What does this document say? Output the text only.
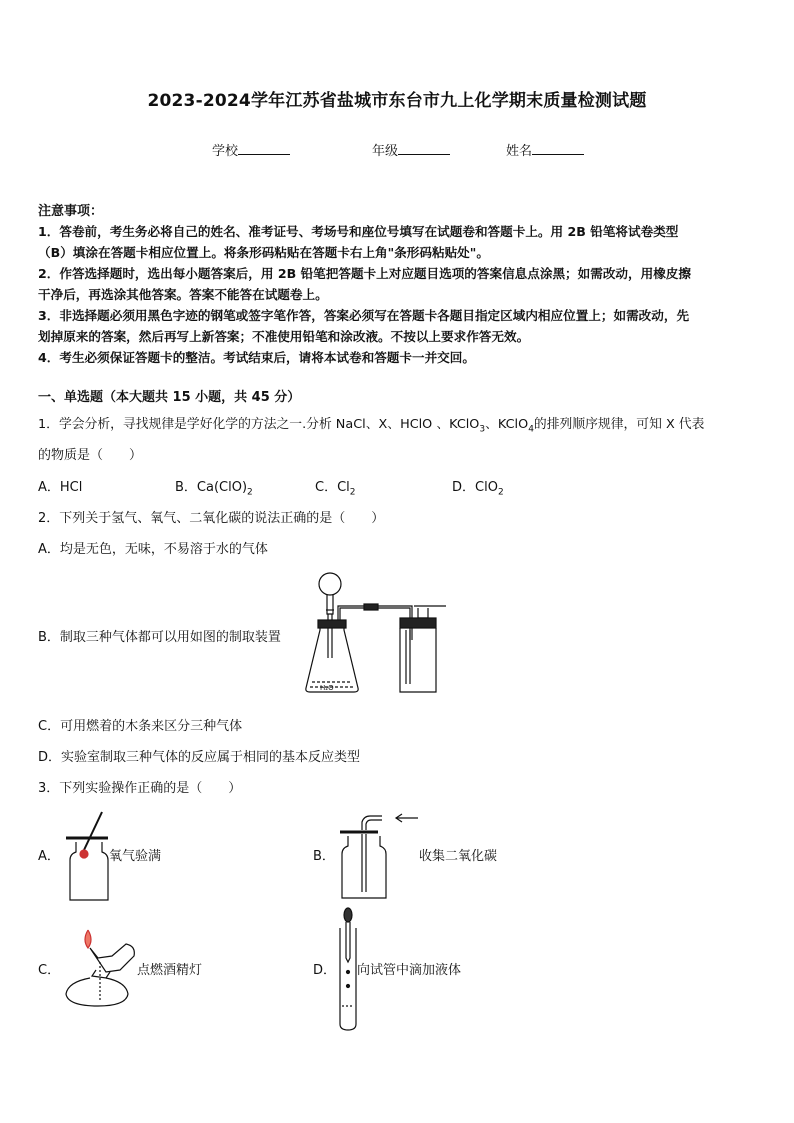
2023-2024学年江苏省盐城市东台市九上化学期末质量检测试题
学校	年级	姓名
注意事项：
1．答卷前，考生务必将自己的姓名、准考证号、考场号和座位号填写在试题卷和答题卡上。用 2B 铅笔将试卷类型
（B）填涂在答题卡相应位置上。将条形码粘贴在答题卡右上角"条形码粘贴处"。
2．作答选择题时，选出每小题答案后，用 2B 铅笔把答题卡上对应题目选项的答案信息点涂黑；如需改动，用橡皮擦
干净后，再选涂其他答案。答案不能答在试题卷上。
3．非选择题必须用黑色字迹的钢笔或签字笔作答，答案必须写在答题卡各题目指定区域内相应位置上；如需改动，先
划掉原来的答案，然后再写上新答案；不准使用铅笔和涂改液。不按以上要求作答无效。
4．考生必须保证答题卡的整洁。考试结束后，请将本试卷和答题卡一并交回。
一、单选题（本大题共 15 小题，共 45 分）
1．学会分析，寻找规律是学好化学的方法之一.分析 NaCl、X、HClO 、KClO$_3$、KClO$_4$的排列顺序规律，可知 X 代表
的物质是（　　）
A．HCl	B．$Ca(ClO)_2$	C．$Cl_2$	D．ClO$_2$
2．下列关于氢气、氧气、二氧化碳的说法正确的是（　　）
A．均是无色，无味，不易溶于水的气体
B．制取三种气体都可以用如图的制取装置
H₂O
C．可用燃着的木条来区分三种气体
D．实验室制取三种气体的反应属于相同的基本反应类型
3．下列实验操作正确的是（　　）
A．	氧气验满	B．	收集二氧化碳
C．	点燃酒精灯	D． 向试管中滴加液体
